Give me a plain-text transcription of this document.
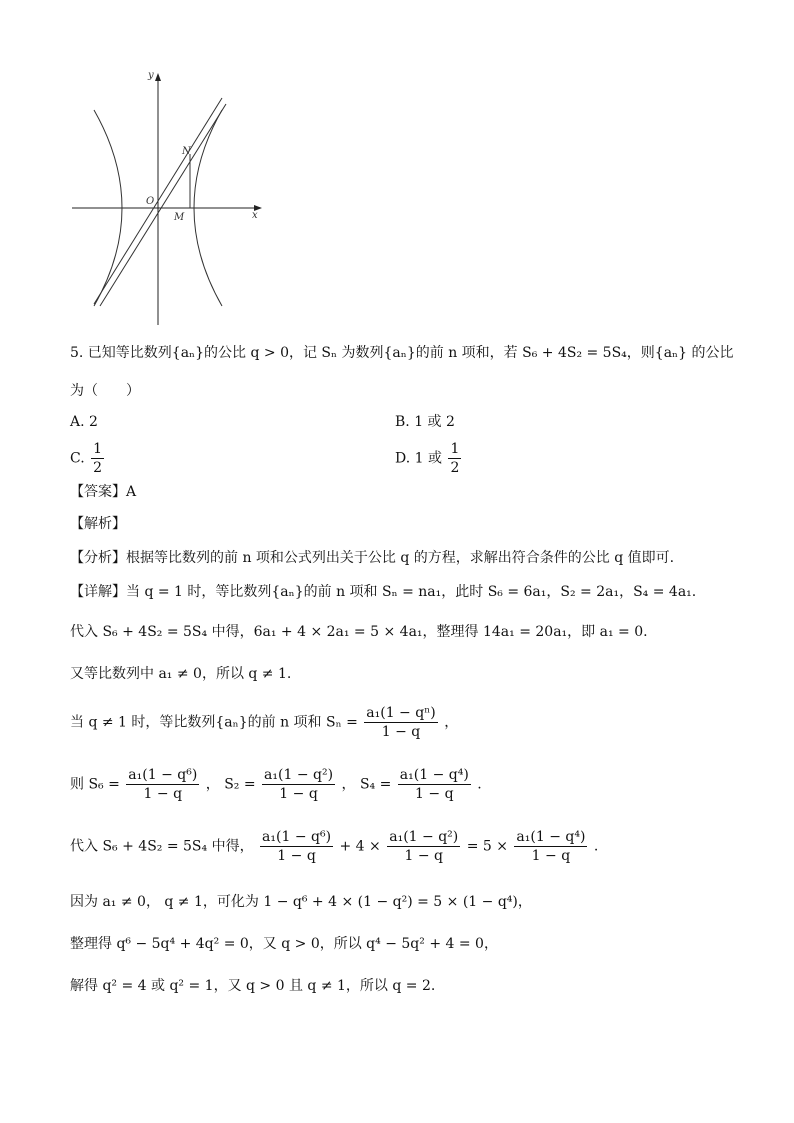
y
x
O
N
M
5. 已知等比数列{aₙ}的公比 q > 0，记 Sₙ 为数列{aₙ}的前 n 项和，若 S₆ + 4S₂ = 5S₄，则{aₙ} 的公比
为（　　）
A. 2	B. 1 或 2
C. $\frac{1}{2}$	D. 1 或 $\frac{1}{2}$
【答案】A
【解析】
【分析】根据等比数列的前 n 项和公式列出关于公比 q 的方程，求解出符合条件的公比 q 值即可.
【详解】当 q = 1 时，等比数列{aₙ}的前 n 项和 Sₙ = na₁，此时 S₆ = 6a₁，S₂ = 2a₁，S₄ = 4a₁.
代入 S₆ + 4S₂ = 5S₄ 中得，6a₁ + 4 × 2a₁ = 5 × 4a₁，整理得 14a₁ = 20a₁，即 a₁ = 0.
又等比数列中 a₁ ≠ 0，所以 q ≠ 1.
当 q ≠ 1 时，等比数列{aₙ}的前 n 项和 $S_n = \frac{\text{a₁(1 − qⁿ)}}{1 - q}$ ，
则 $S_6 = \frac{\text{a₁(1 − q⁶)}}{1 - q}$ ， $S_2 = \frac{\text{a₁(1 − q²)}}{1 - q}$ ， $S_4 = \frac{\text{a₁(1 − q⁴)}}{1 - q}$ .
代入 S₆ + 4S₂ = 5S₄ 中得， $\frac{\text{a₁(1 − q⁶)}}{1 - q} + 4 \times \frac{\text{a₁(1 − q²)}}{1 - q} = 5 \times \frac{\text{a₁(1 − q⁴)}}{1 - q}$ .
因为 a₁ ≠ 0， q ≠ 1，可化为 1 − q⁶ + 4 × (1 − q²) = 5 × (1 − q⁴)，
整理得 q⁶ − 5q⁴ + 4q² = 0，又 q > 0，所以 q⁴ − 5q² + 4 = 0，
解得 q² = 4 或 q² = 1，又 q > 0 且 q ≠ 1，所以 q = 2.
